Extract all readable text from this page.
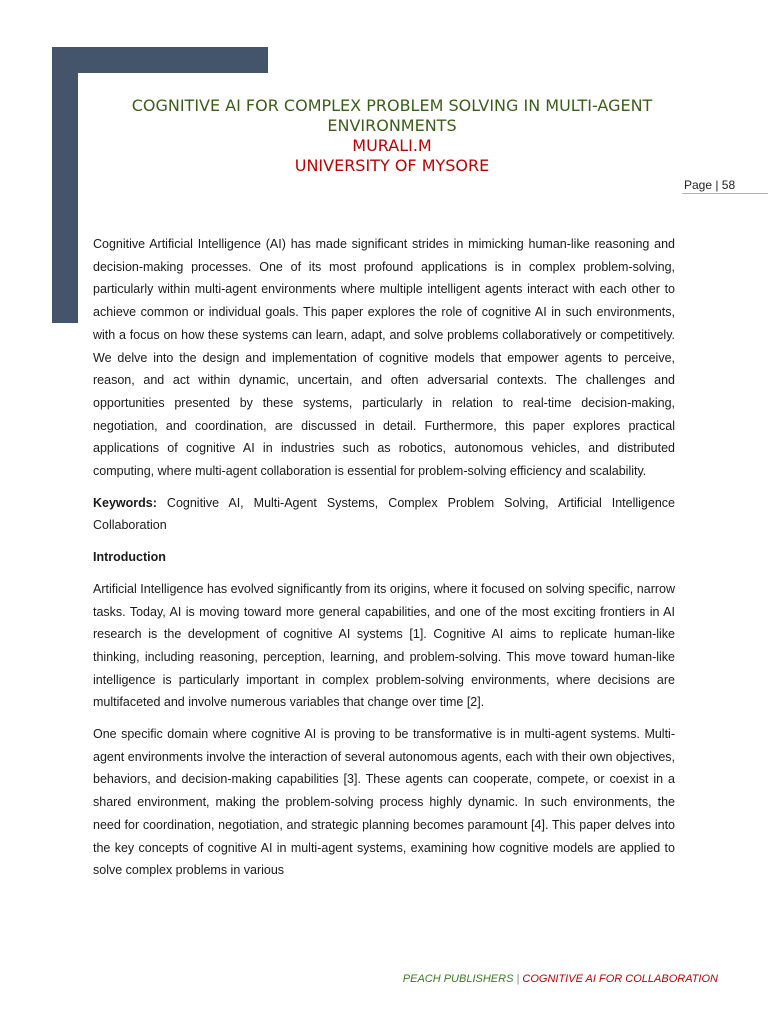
COGNITIVE AI FOR COMPLEX PROBLEM SOLVING IN MULTI-AGENT ENVIRONMENTS
MURALI.M
UNIVERSITY OF MYSORE
Page | 58

Cognitive Artificial Intelligence (AI) has made significant strides in mimicking human-like reasoning and decision-making processes. One of its most profound applications is in complex problem-solving, particularly within multi-agent environments where multiple intelligent agents interact with each other to achieve common or individual goals. This paper explores the role of cognitive AI in such environments, with a focus on how these systems can learn, adapt, and solve problems collaboratively or competitively. We delve into the design and implementation of cognitive models that empower agents to perceive, reason, and act within dynamic, uncertain, and often adversarial contexts. The challenges and opportunities presented by these systems, particularly in relation to real-time decision-making, negotiation, and coordination, are discussed in detail. Furthermore, this paper explores practical applications of cognitive AI in industries such as robotics, autonomous vehicles, and distributed computing, where multi-agent collaboration is essential for problem-solving efficiency and scalability.

Keywords: Cognitive AI, Multi-Agent Systems, Complex Problem Solving, Artificial Intelligence Collaboration

Introduction

Artificial Intelligence has evolved significantly from its origins, where it focused on solving specific, narrow tasks. Today, AI is moving toward more general capabilities, and one of the most exciting frontiers in AI research is the development of cognitive AI systems [1]. Cognitive AI aims to replicate human-like thinking, including reasoning, perception, learning, and problem-solving. This move toward human-like intelligence is particularly important in complex problem-solving environments, where decisions are multifaceted and involve numerous variables that change over time [2].

One specific domain where cognitive AI is proving to be transformative is in multi-agent systems. Multi-agent environments involve the interaction of several autonomous agents, each with their own objectives, behaviors, and decision-making capabilities [3]. These agents can cooperate, compete, or coexist in a shared environment, making the problem-solving process highly dynamic. In such environments, the need for coordination, negotiation, and strategic planning becomes paramount [4]. This paper delves into the key concepts of cognitive AI in multi-agent systems, examining how cognitive models are applied to solve complex problems in various

PEACH PUBLISHERS | COGNITIVE AI FOR COLLABORATION
